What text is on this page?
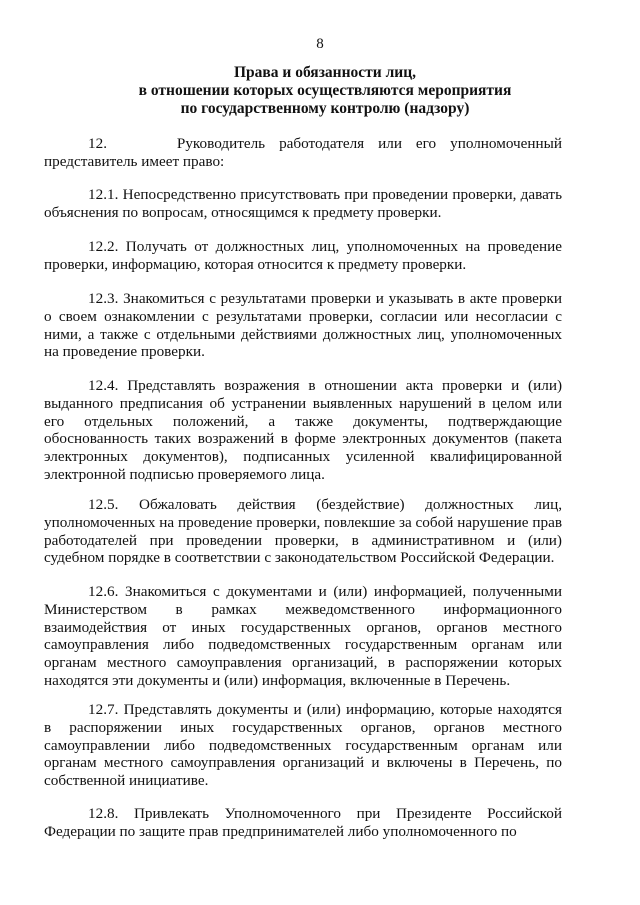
8
Права и обязанности лиц,
в отношении которых осуществляются мероприятия
по государственному контролю (надзору)

12.	Руководитель работодателя или его уполномоченный представитель имеет право:

12.1. Непосредственно присутствовать при проведении проверки, давать объяснения по вопросам, относящимся к предмету проверки.

12.2. Получать от должностных лиц, уполномоченных на проведение проверки, информацию, которая относится к предмету проверки.

12.3. Знакомиться с результатами проверки и указывать в акте проверки о своем ознакомлении с результатами проверки, согласии или несогласии с ними, а также с отдельными действиями должностных лиц, уполномоченных на проведение проверки.

12.4. Представлять возражения в отношении акта проверки и (или) выданного предписания об устранении выявленных нарушений в целом или его отдельных положений, а также документы, подтверждающие обоснованность таких возражений в форме электронных документов (пакета электронных документов), подписанных усиленной квалифицированной электронной подписью проверяемого лица.

12.5. Обжаловать действия (бездействие) должностных лиц, уполномоченных на проведение проверки, повлекшие за собой нарушение прав работодателей при проведении проверки, в административном и (или) судебном порядке в соответствии с законодательством Российской Федерации.

12.6. Знакомиться с документами и (или) информацией, полученными Министерством в рамках межведомственного информационного взаимодействия от иных государственных органов, органов местного самоуправления либо подведомственных государственным органам или органам местного самоуправления организаций, в распоряжении которых находятся эти документы и (или) информация, включенные в Перечень.

12.7. Представлять документы и (или) информацию, которые находятся в распоряжении иных государственных органов, органов местного самоуправлении либо подведомственных государственным органам или органам местного самоуправления организаций и включены в Перечень, по собственной инициативе.

12.8. Привлекать Уполномоченного при Президенте Российской Федерации по защите прав предпринимателей либо уполномоченного по
